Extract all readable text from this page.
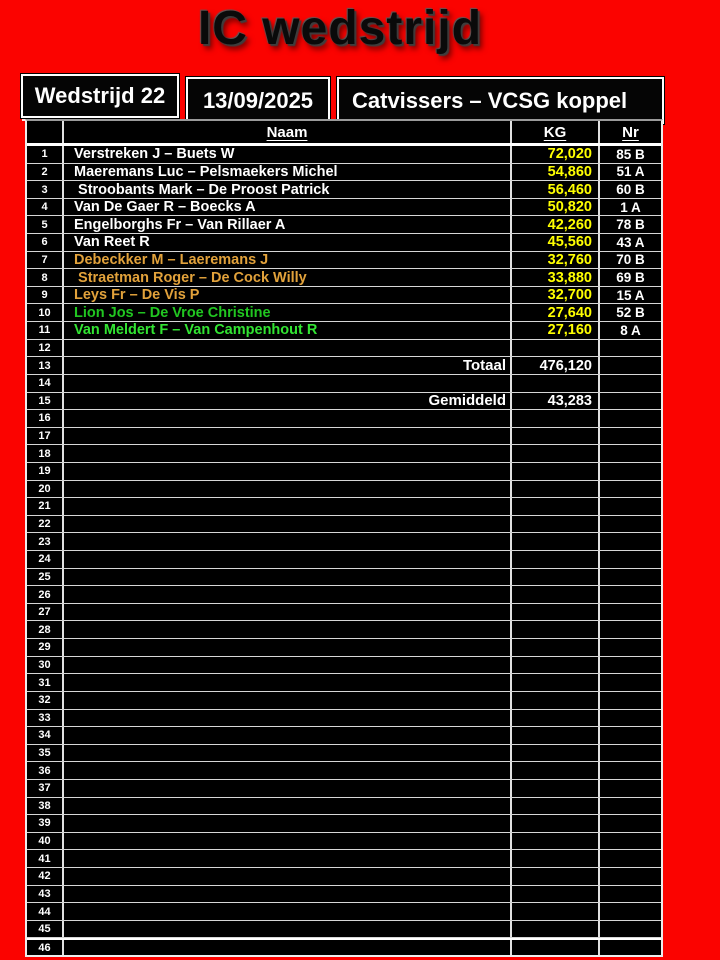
IC wedstrijd
Wedstrijd 22 13/09/2025 Catvissers – VCSG koppel
Naam	KG	Nr
1	Verstreken J – Buets W	72,020	85 B
2	Maeremans Luc – Pelsmaekers Michel	54,860	51 A
3	Stroobants Mark – De Proost Patrick	56,460	60 B
4	Van De Gaer R – Boecks A	50,820	1 A
5	Engelborghs Fr – Van Rillaer A	42,260	78 B
6	Van Reet R	45,560	43 A
7	Debeckker M – Laeremans J	32,760	70 B
8	Straetman Roger – De Cock Willy	33,880	69 B
9	Leys Fr – De Vis P	32,700	15 A
10	Lion Jos – De Vroe Christine	27,640	52 B
11	Van Meldert F – Van Campenhout R	27,160	8 A
12
13	Totaal	476,120
14
15	Gemiddeld	43,283
16
17
18
19
20
21
22
23
24
25
26
27
28
29
30
31
32
33
34
35
36
37
38
39
40
41
42
43
44
45
46
